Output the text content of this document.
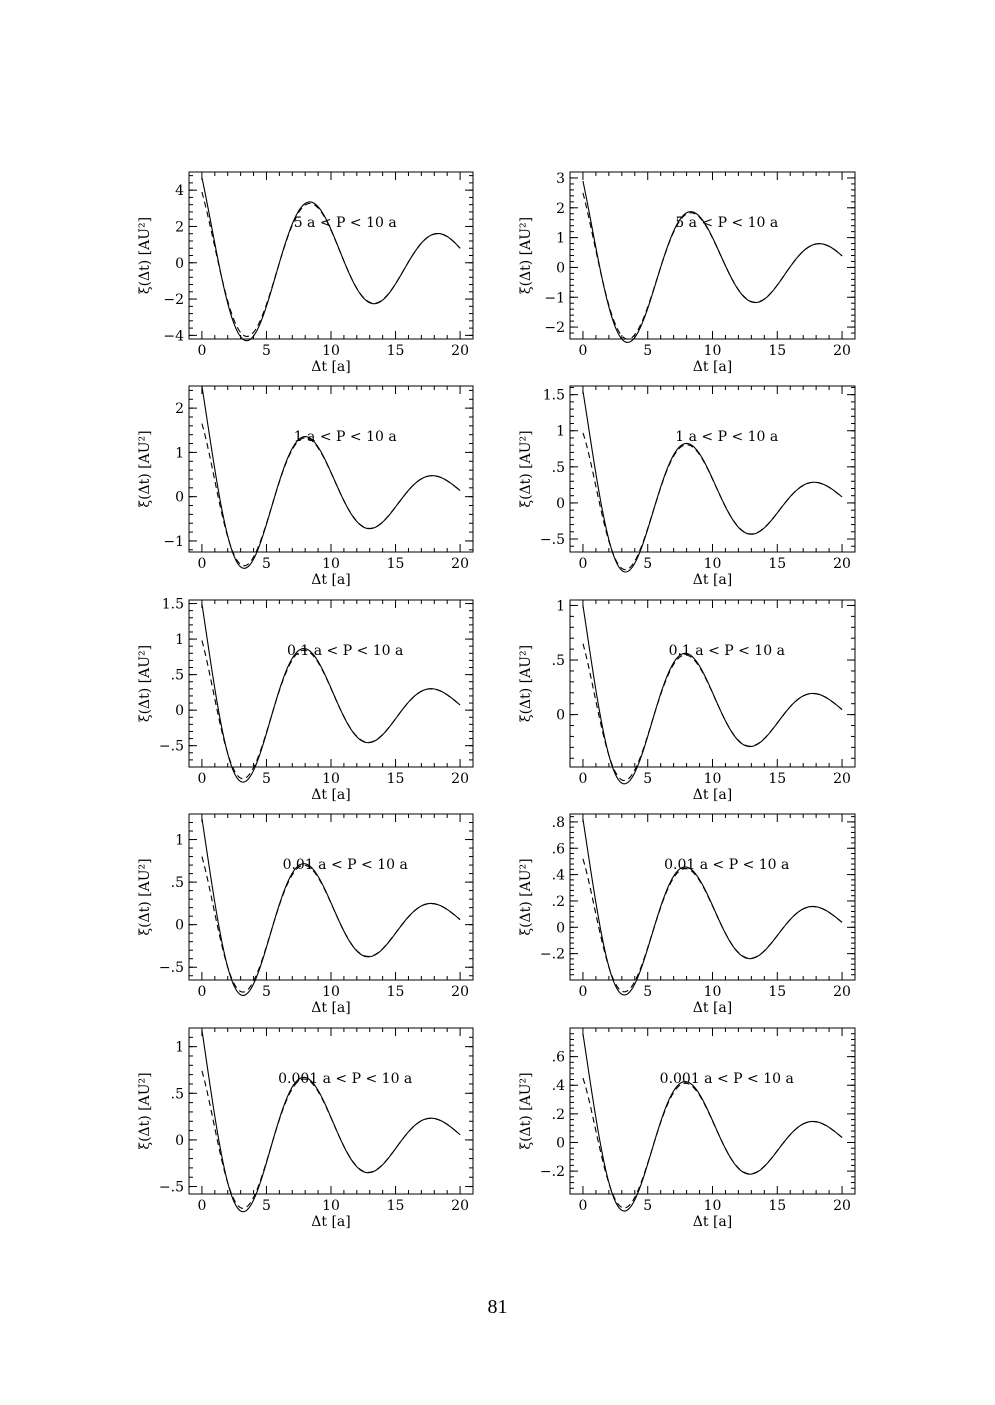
0	5	10	15	20
−4
−2
0
2
4
Δt [a]
ξ(Δt) [AU²]	5 a < P < 10 a
0	5	10	15	20
−2
−1
0
1
2
3
Δt [a]
ξ(Δt) [AU²]	5 a < P < 10 a
0	5	10	15	20
−1
0
1
2
Δt [a]
ξ(Δt) [AU²]	1 a < P < 10 a
0	5	10	15	20
−.5
0
.5
1
1.5
Δt [a]
ξ(Δt) [AU²]	1 a < P < 10 a
0	5	10	15	20
−.5
0
.5
1
1.5
Δt [a]
ξ(Δt) [AU²]	0.1 a < P < 10 a
0	5	10	15	20
0
.5
1
Δt [a]
ξ(Δt) [AU²]	0.1 a < P < 10 a
0	5	10	15	20
−.5
0
.5
1
Δt [a]
ξ(Δt) [AU²]	0.01 a < P < 10 a
0	5	10	15	20
−.2
0
.2
.4
.6
.8
Δt [a]
ξ(Δt) [AU²]	0.01 a < P < 10 a
0	5	10	15	20
−.5
0
.5
1
Δt [a]
ξ(Δt) [AU²]	0.001 a < P < 10 a
0	5	10	15	20
−.2
0
.2
.4
.6
Δt [a]
ξ(Δt) [AU²]	0.001 a < P < 10 a
81
